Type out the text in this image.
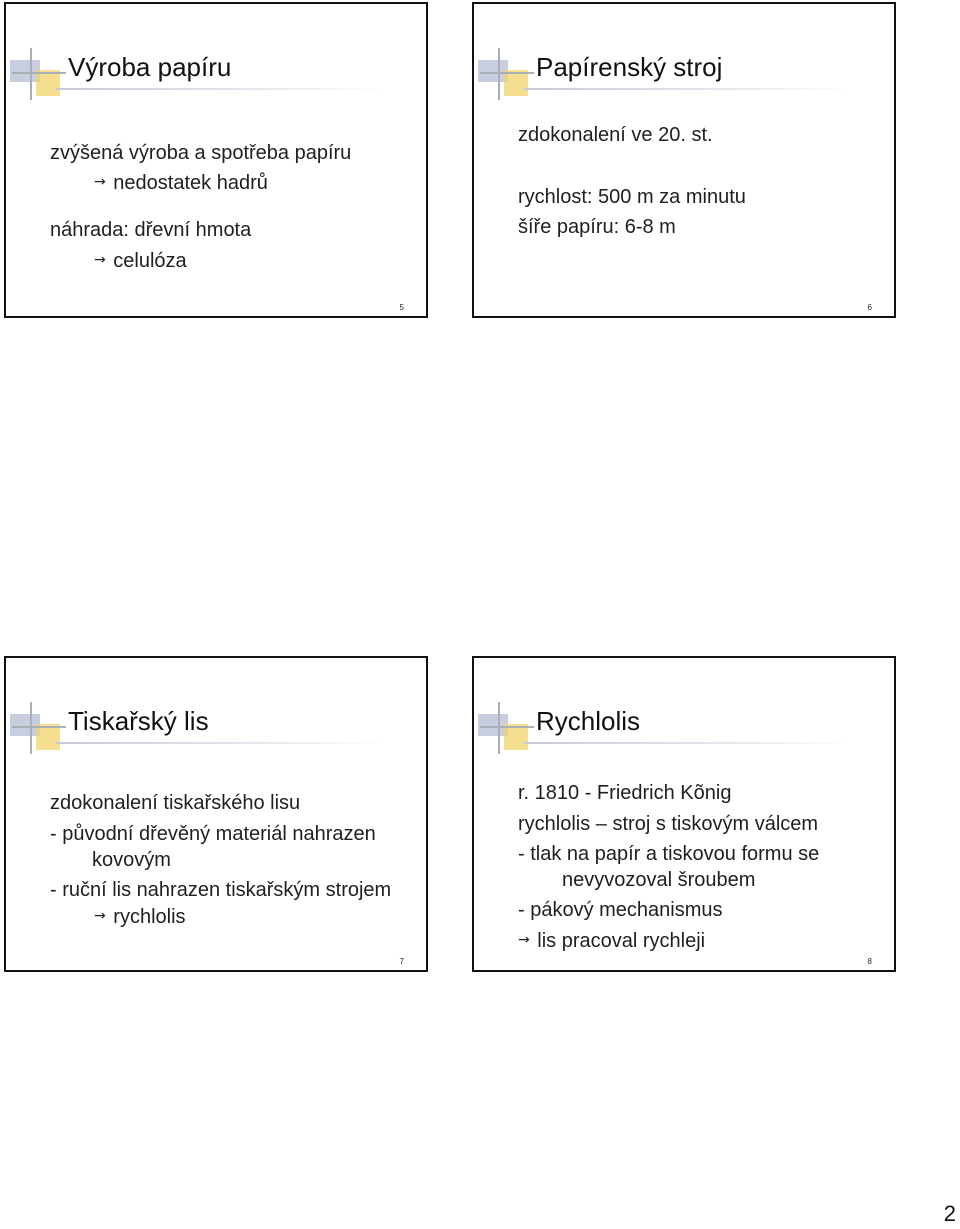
Výroba papíru
zvýšená výroba a spotřeba papíru
→ nedostatek hadrů
náhrada: dřevní hmota
→ celulóza
5
Papírenský stroj
zdokonalení ve 20. st.
rychlost: 500 m za minutu
šíře papíru: 6-8 m
6
Tiskařský lis
zdokonalení tiskařského lisu
- původní dřevěný materiál nahrazen
kovovým
- ruční lis nahrazen tiskařským strojem
→ rychlolis
7
Rychlolis
r. 1810 - Friedrich Kõnig
rychlolis – stroj s tiskovým válcem
- tlak na papír a tiskovou formu se
nevyvozoval šroubem
- pákový mechanismus
→ lis pracoval rychleji
8
2
